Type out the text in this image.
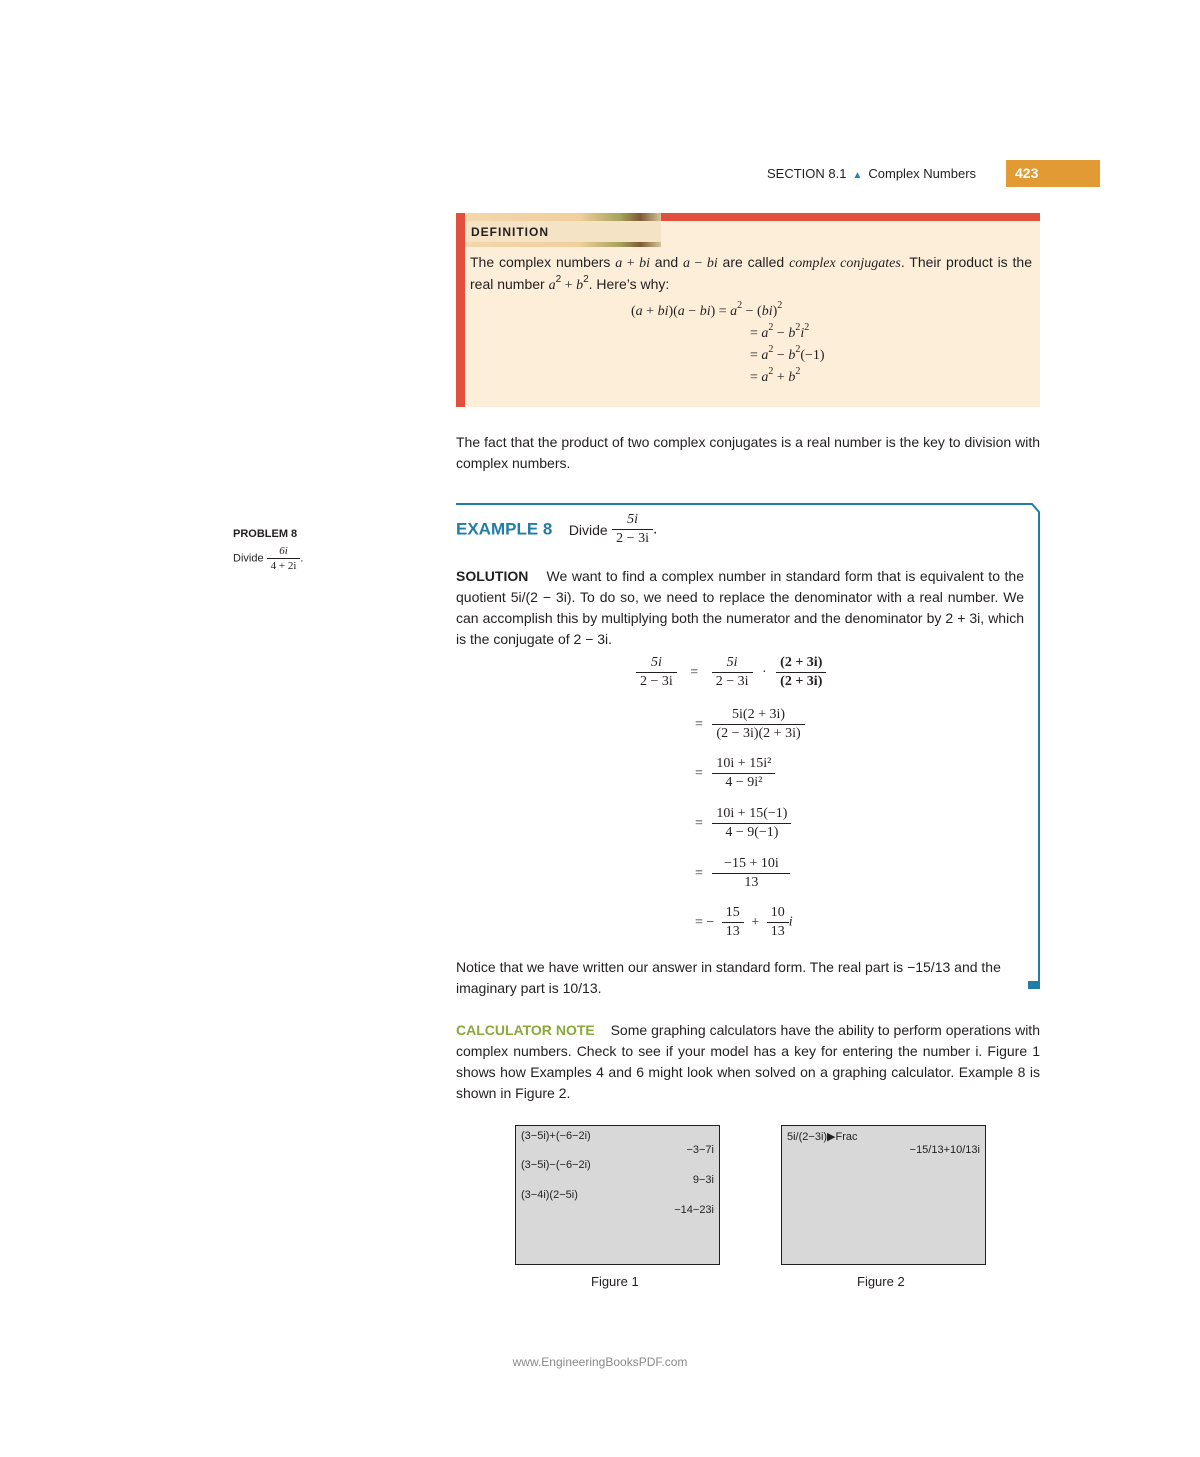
SECTION 8.1 ▲ Complex Numbers	423
DEFINITION
The complex numbers a + bi and a − bi are called complex conjugates. Their product is the real number $a^2 + b^2$. Here’s why:
$(a + bi)(a - bi) = a^2 - (bi)^2$
= $a^2 - b^2i^2$
= $a^2 - b^2(-1)$
= $a^2 + b^2$
The fact that the product of two complex conjugates is a real number is the key to division with complex numbers.
PROBLEM 8
Divide $\frac{6i}{4 + 2i}$ .
EXAMPLE 8 Divide $\frac{5i}{2 - 3i}$ .
SOLUTION We want to find a complex number in standard form that is equivalent to the quotient 5i/(2 − 3i). To do so, we need to replace the denominator with a real number. We can accomplish this by multiplying both the numerator and the denominator by 2 + 3i, which is the conjugate of 2 − 3i.
$\frac{5i}{2 - 3i} = \frac{5i}{2 - 3i} \cdot \frac{(2 + 3i)}{(2 + 3i)}$
= $\frac{5i(2 + 3i)}{(2 - 3i)(2 + 3i)}$
= $\frac{\text{10i + 15i²}}{\text{4 − 9i²}}$
= $\frac{10i + 15(-1)}{4 - 9(-1)}$
= $\frac{-15 + 10i}{13}$
= − $\frac{15}{13} + \frac{10}{13}$ i
Notice that we have written our answer in standard form. The real part is −15/13 and the imaginary part is 10/13.
CALCULATOR NOTE Some graphing calculators have the ability to perform operations with complex numbers. Check to see if your model has a key for entering the number i. Figure 1 shows how Examples 4 and 6 might look when solved on a graphing calculator. Example 8 is shown in Figure 2.
(3−5i)+(−6−2i)
−3−7i
(3−5i)−(−6−2i)
9−3i
(3−4i)(2−5i)
−14−23i
Figure 1
5i/(2−3i)▶Frac
−15/13+10/13i
Figure 2
www.EngineeringBooksPDF.com
